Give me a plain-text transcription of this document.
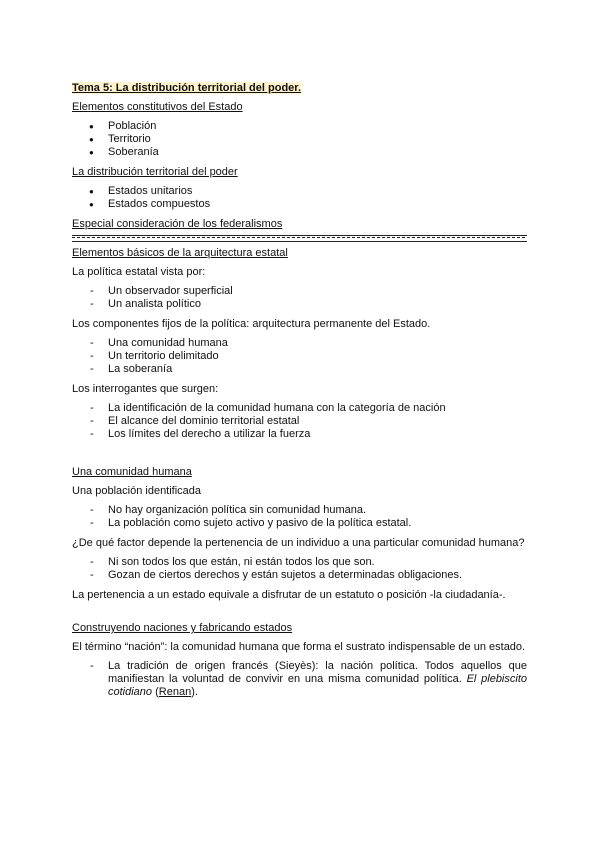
Tema 5: La distribución territorial del poder.

Elementos constitutivos del Estado

● Población
● Territorio
● Soberanía

La distribución territorial del poder

● Estados unitarios
● Estados compuestos

Especial consideración de los federalismos

Elementos básicos de la arquitectura estatal

La política estatal vista por:

- Un observador superficial
- Un analista político

Los componentes fijos de la política: arquitectura permanente del Estado.

- Una comunidad humana
- Un territorio delimitado
- La soberanía

Los interrogantes que surgen:

- La identificación de la comunidad humana con la categoría de nación
- El alcance del dominio territorial estatal
- Los límites del derecho a utilizar la fuerza

Una comunidad humana

Una población identificada

- No hay organización política sin comunidad humana.
- La población como sujeto activo y pasivo de la política estatal.

¿De qué factor depende la pertenencia de un individuo a una particular comunidad humana?

- Ni son todos los que están, ni están todos los que son.
- Gozan de ciertos derechos y están sujetos a determinadas obligaciones.

La pertenencia a un estado equivale a disfrutar de un estatuto o posición -la ciudadanía-.

Construyendo naciones y fabricando estados

El término “nación”: la comunidad humana que forma el sustrato indispensable de un estado.

- La tradición de origen francés (Sieyès): la nación política. Todos aquellos que manifiestan la voluntad de convivir en una misma comunidad política. El plebiscito cotidiano (Renan).
